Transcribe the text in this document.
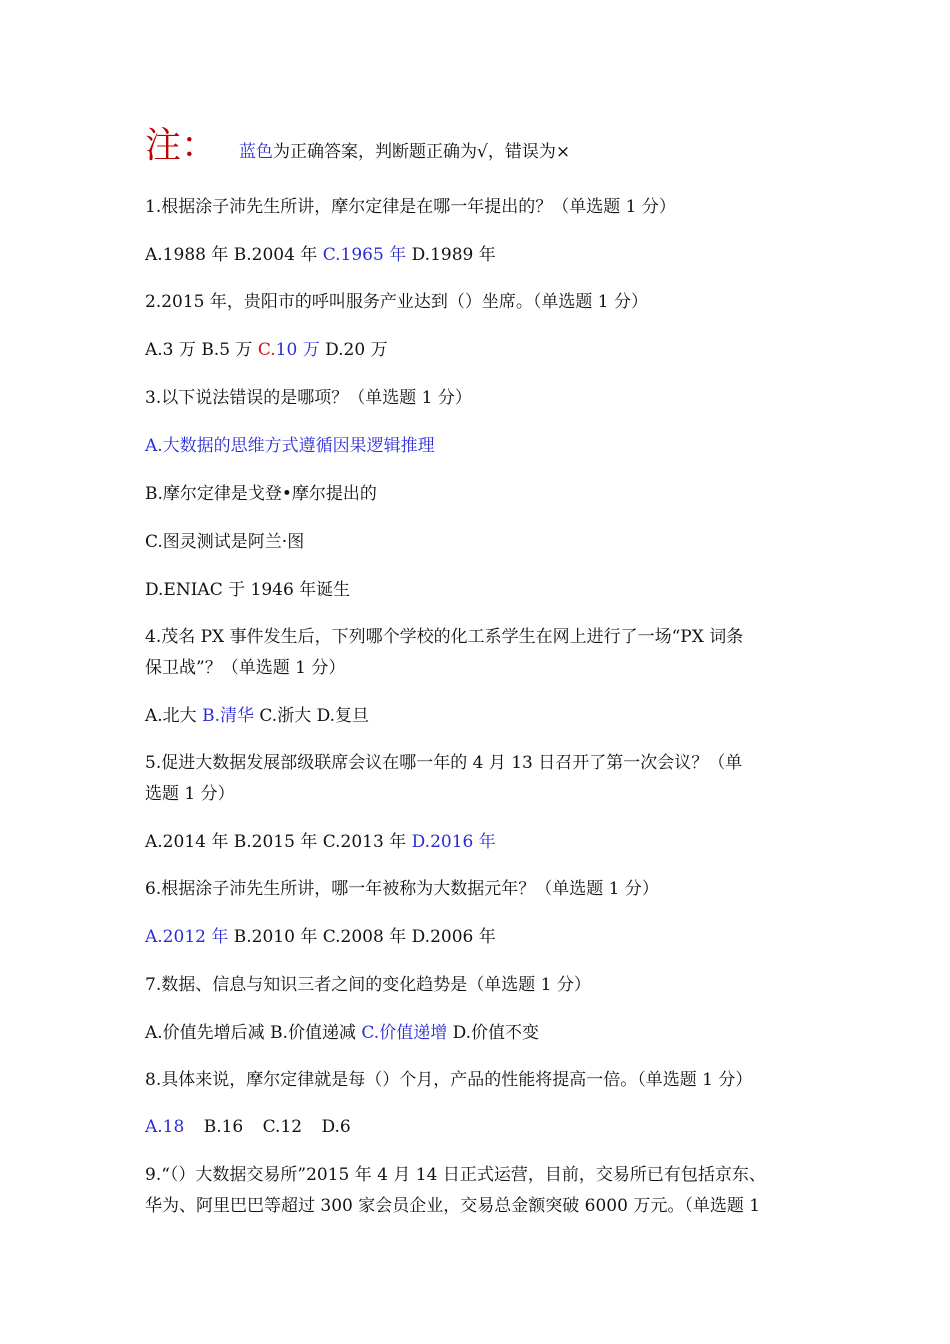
注： 蓝色为正确答案，判断题正确为√，错误为×
1.根据涂子沛先生所讲，摩尔定律是在哪一年提出的？（单选题 1 分）
A.1988 年 B.2004 年 C.1965 年 D.1989 年
2.2015 年，贵阳市的呼叫服务产业达到（）坐席。（单选题 1 分）
A.3 万 B.5 万 C.10 万 D.20 万
3.以下说法错误的是哪项？（单选题 1 分）
A.大数据的思维方式遵循因果逻辑推理
B.摩尔定律是戈登•摩尔提出的
C.图灵测试是阿兰·图
D.ENIAC 于 1946 年诞生
4.茂名 PX 事件发生后，下列哪个学校的化工系学生在网上进行了一场“PX 词条
保卫战”？（单选题 1 分）
A.北大 B.清华 C.浙大 D.复旦
5.促进大数据发展部级联席会议在哪一年的 4 月 13 日召开了第一次会议？（单
选题 1 分）
A.2014 年 B.2015 年 C.2013 年 D.2016 年
6.根据涂子沛先生所讲，哪一年被称为大数据元年？（单选题 1 分）
A.2012 年 B.2010 年 C.2008 年 D.2006 年
7.数据、信息与知识三者之间的变化趋势是（单选题 1 分）
A.价值先增后减 B.价值递减 C.价值递增 D.价值不变
8.具体来说，摩尔定律就是每（）个月，产品的性能将提高一倍。（单选题 1 分）
A.18 B.16 C.12 D.6
9.“（）大数据交易所”2015 年 4 月 14 日正式运营，目前，交易所已有包括京东、
华为、阿里巴巴等超过 300 家会员企业，交易总金额突破 6000 万元。（单选题 1
